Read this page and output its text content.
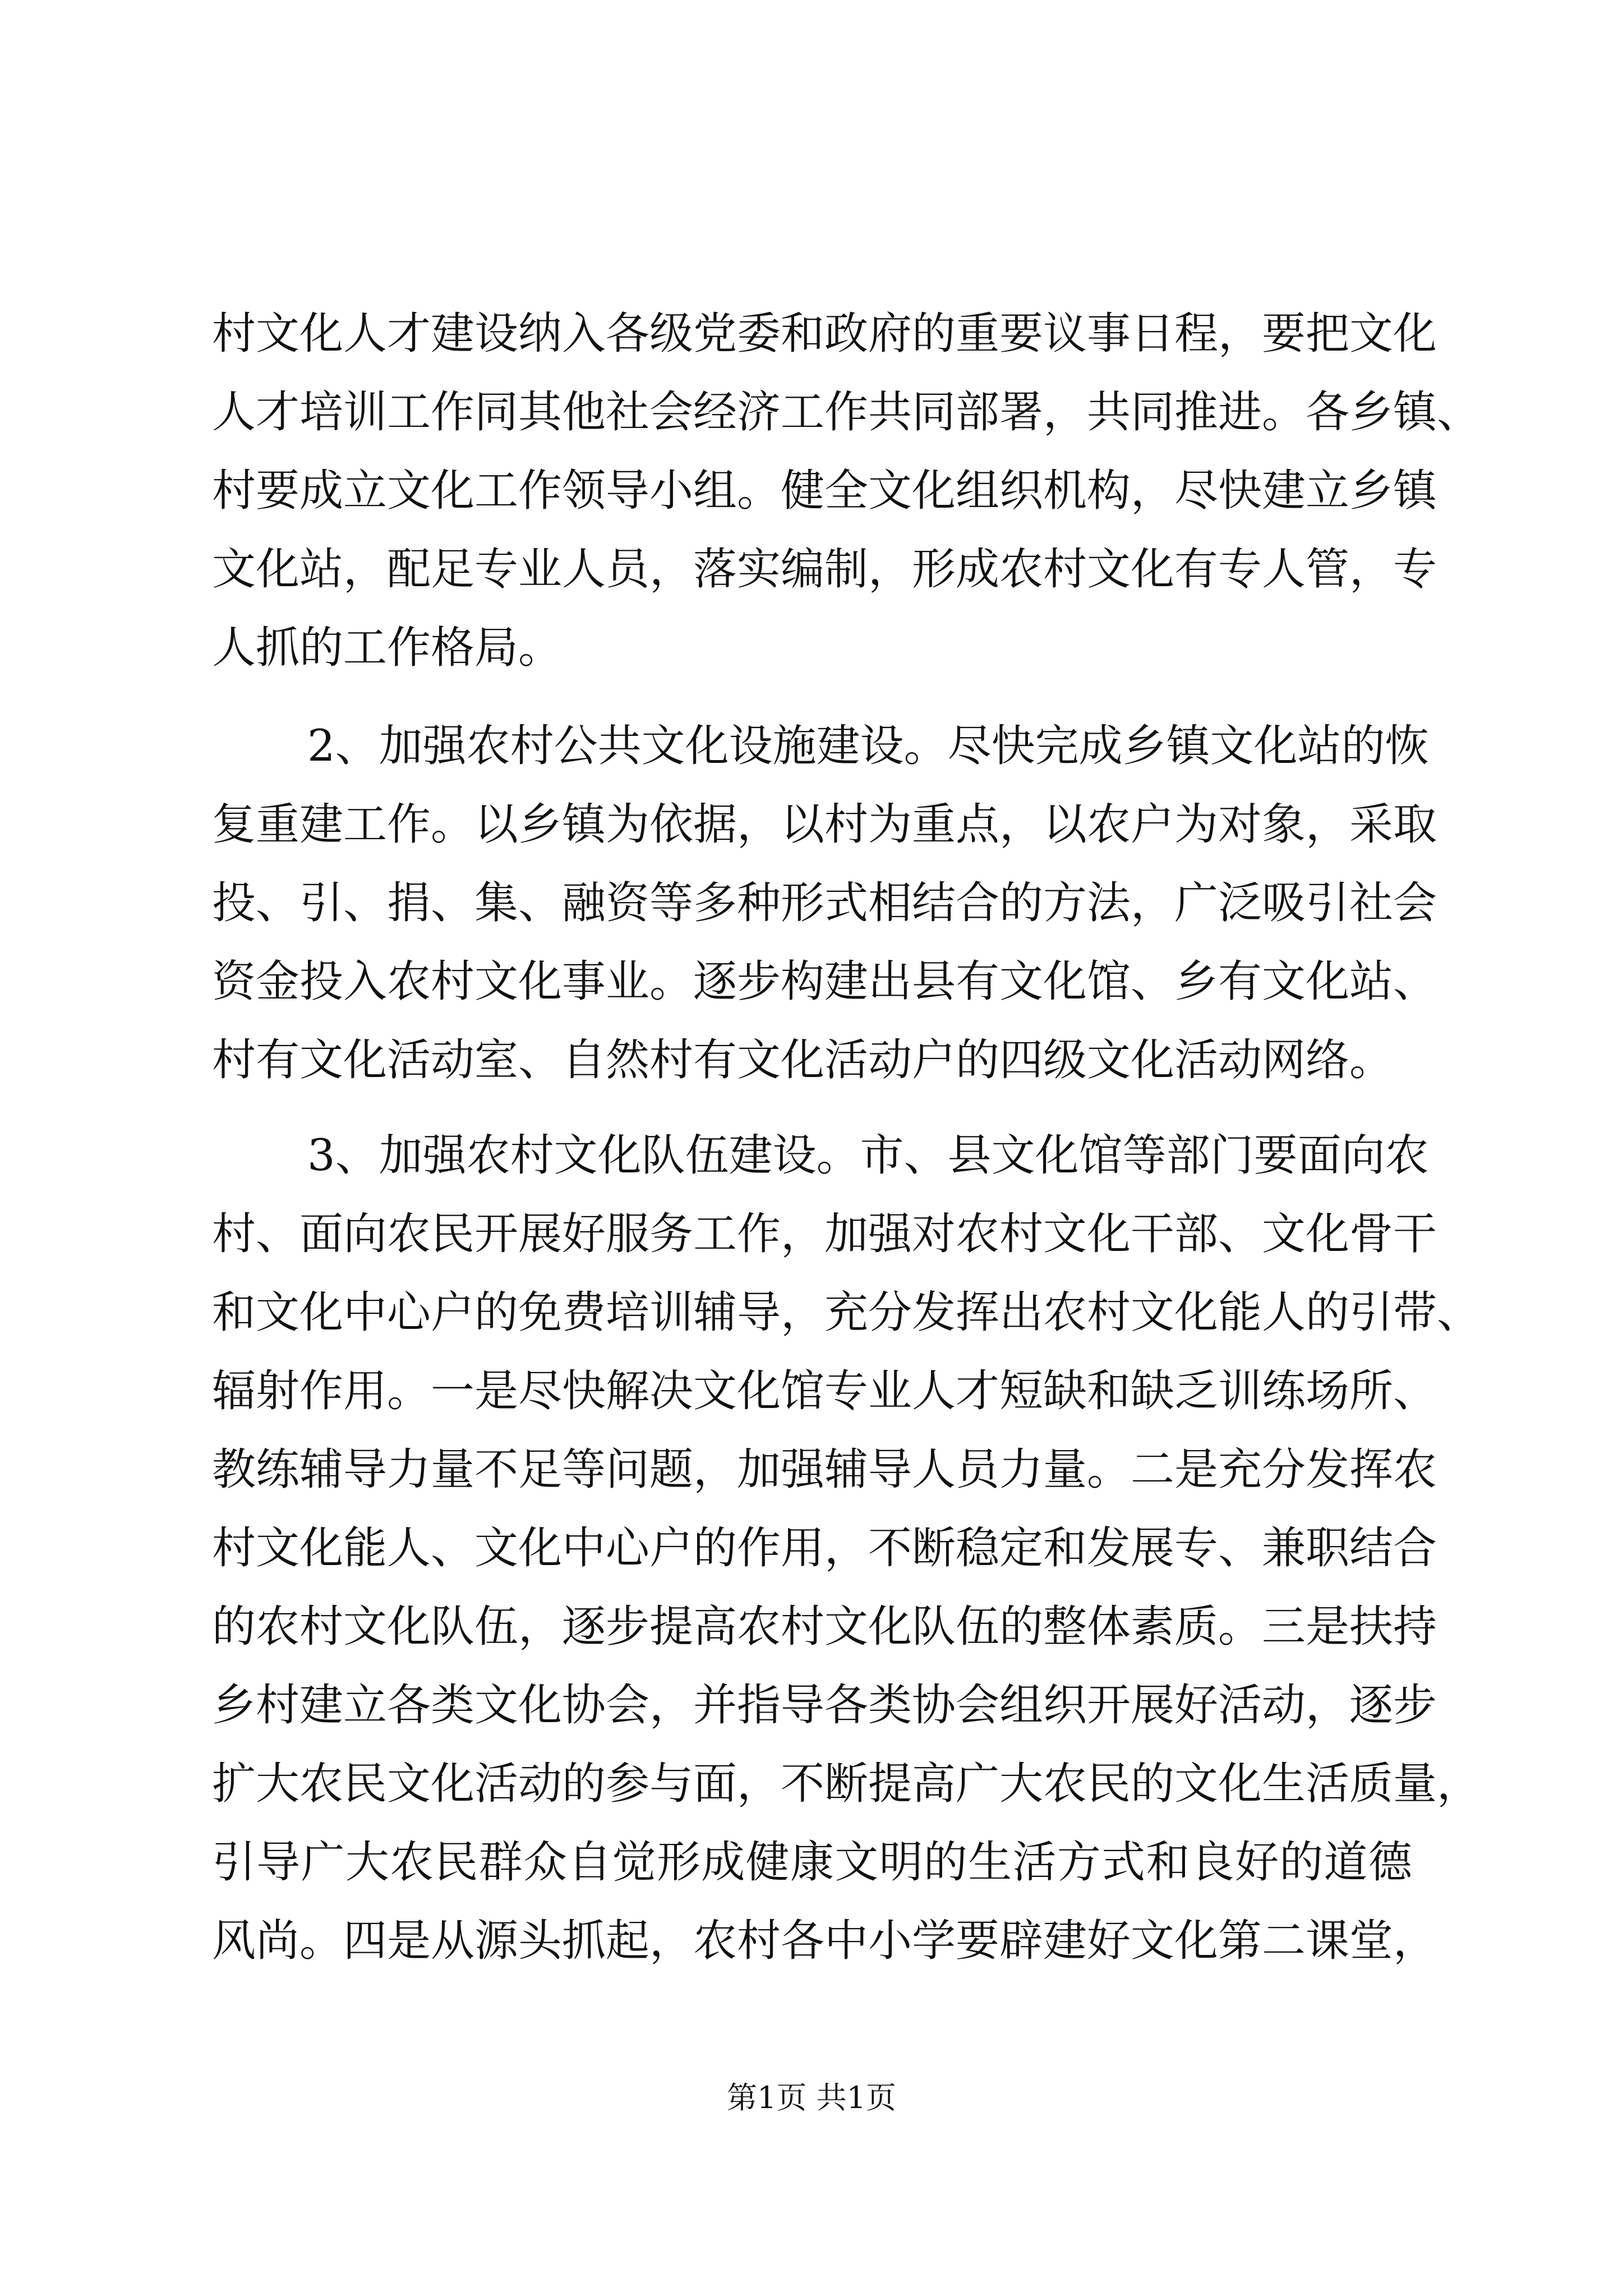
村文化人才建设纳入各级党委和政府的重要议事日程，要把文化
人才培训工作同其他社会经济工作共同部署，共同推进。各乡镇、
村要成立文化工作领导小组。健全文化组织机构，尽快建立乡镇
文化站，配足专业人员，落实编制，形成农村文化有专人管，专
人抓的工作格局。
2、加强农村公共文化设施建设。尽快完成乡镇文化站的恢
复重建工作。以乡镇为依据，以村为重点，以农户为对象，采取
投、引、捐、集、融资等多种形式相结合的方法，广泛吸引社会
资金投入农村文化事业。逐步构建出县有文化馆、乡有文化站、
村有文化活动室、自然村有文化活动户的四级文化活动网络。
3、加强农村文化队伍建设。市、县文化馆等部门要面向农
村、面向农民开展好服务工作，加强对农村文化干部、文化骨干
和文化中心户的免费培训辅导，充分发挥出农村文化能人的引带、
辐射作用。一是尽快解决文化馆专业人才短缺和缺乏训练场所、
教练辅导力量不足等问题，加强辅导人员力量。二是充分发挥农
村文化能人、文化中心户的作用，不断稳定和发展专、兼职结合
的农村文化队伍，逐步提高农村文化队伍的整体素质。三是扶持
乡村建立各类文化协会，并指导各类协会组织开展好活动，逐步
扩大农民文化活动的参与面，不断提高广大农民的文化生活质量，
引导广大农民群众自觉形成健康文明的生活方式和良好的道德
风尚。四是从源头抓起，农村各中小学要辟建好文化第二课堂，
第1页 共1页
